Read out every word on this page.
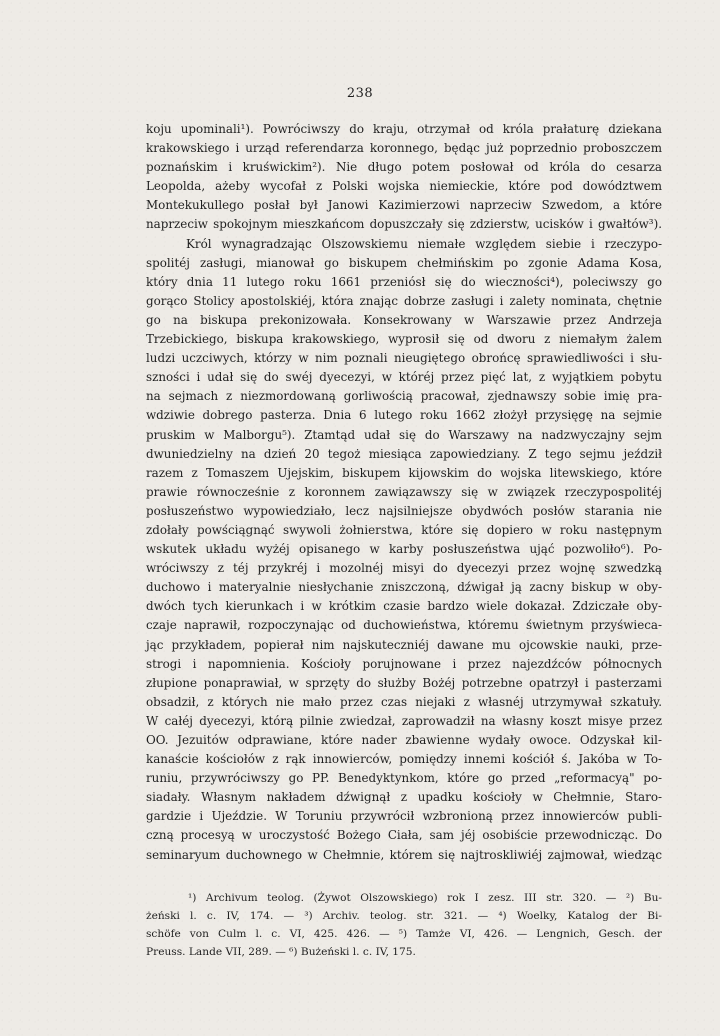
238
koju upominali¹). Powróciwszy do kraju, otrzymał od króla prałaturę dziekana
krakowskiego i urząd referendarza koronnego, będąc już poprzednio proboszczem
poznańskim i kruświckim²). Nie długo potem posłował od króla do cesarza
Leopolda, ażeby wycofał z Polski wojska niemieckie, które pod dowództwem
Montekukullego posłał był Janowi Kazimierzowi naprzeciw Szwedom, a które
naprzeciw spokojnym mieszkańcom dopuszczały się zdzierstw, ucisków i gwałtów³).
Król wynagradzając Olszowskiemu niemałe względem siebie i rzeczypo-
spolitéj zasługi, mianował go biskupem chełmińskim po zgonie Adama Kosa,
który dnia 11 lutego roku 1661 przeniósł się do wieczności⁴), poleciwszy go
gorąco Stolicy apostolskiéj, która znając dobrze zasługi i zalety nominata, chętnie
go na biskupa prekonizowała. Konsekrowany w Warszawie przez Andrzeja
Trzebickiego, biskupa krakowskiego, wyprosił się od dworu z niemałym żalem
ludzi uczciwych, którzy w nim poznali nieugiętego obrońcę sprawiedliwości i słu-
szności i udał się do swéj dyecezyi, w któréj przez pięć lat, z wyjątkiem pobytu
na sejmach z niezmordowaną gorliwością pracował, zjednawszy sobie imię pra-
wdziwie dobrego pasterza. Dnia 6 lutego roku 1662 złożył przysięgę na sejmie
pruskim w Malborgu⁵). Ztamtąd udał się do Warszawy na nadzwyczajny sejm
dwuniedzielny na dzień 20 tegoż miesiąca zapowiedziany. Z tego sejmu jeździł
razem z Tomaszem Ujejskim, biskupem kijowskim do wojska litewskiego, które
prawie równocześnie z koronnem zawiązawszy się w związek rzeczypospolitéj
posłuszeństwo wypowiedziało, lecz najsilniejsze obydwóch posłów starania nie
zdołały powściągnąć swywoli żołnierstwa, które się dopiero w roku następnym
wskutek układu wyżéj opisanego w karby posłuszeństwa ująć pozwoliło⁶). Po-
wróciwszy z téj przykréj i mozolnéj misyi do dyecezyi przez wojnę szwedzką
duchowo i materyalnie niesłychanie zniszczoną, dźwigał ją zacny biskup w oby-
dwóch tych kierunkach i w krótkim czasie bardzo wiele dokazał. Zdziczałe oby-
czaje naprawił, rozpoczynając od duchowieństwa, któremu świetnym przyświeca-
jąc przykładem, popierał nim najskuteczniéj dawane mu ojcowskie nauki, prze-
strogi i napomnienia. Kościoły porujnowane i przez najezdźców północnych
złupione ponaprawiał, w sprzęty do służby Bożéj potrzebne opatrzył i pasterzami
obsadził, z których nie mało przez czas niejaki z własnéj utrzymywał szkatuły.
W całéj dyecezyi, którą pilnie zwiedzał, zaprowadził na własny koszt misye przez
OO. Jezuitów odprawiane, które nader zbawienne wydały owoce. Odzyskał kil-
kanaście kościołów z rąk innowierców, pomiędzy innemi kościół ś. Jakóba w To-
runiu, przywróciwszy go PP. Benedyktynkom, które go przed „reformacyą" po-
siadały. Własnym nakładem dźwignął z upadku kościoły w Chełmnie, Staro-
gardzie i Ujeździe. W Toruniu przywrócił wzbronioną przez innowierców publi-
czną procesyą w uroczystość Bożego Ciała, sam jéj osobiście przewodnicząc. Do
seminaryum duchownego w Chełmnie, którem się najtroskliwiéj zajmował, wiedząc
¹) Archivum teolog. (Żywot Olszowskiego) rok I zesz. III str. 320. — ²) Bu-
żeński l. c. IV, 174. — ³) Archiv. teolog. str. 321. — ⁴) Woelky, Katalog der Bi-
schöfe von Culm l. c. VI, 425. 426. — ⁵) Tamże VI, 426. — Lengnich, Gesch. der
Preuss. Lande VII, 289. — ⁶) Bużeński l. c. IV, 175.
